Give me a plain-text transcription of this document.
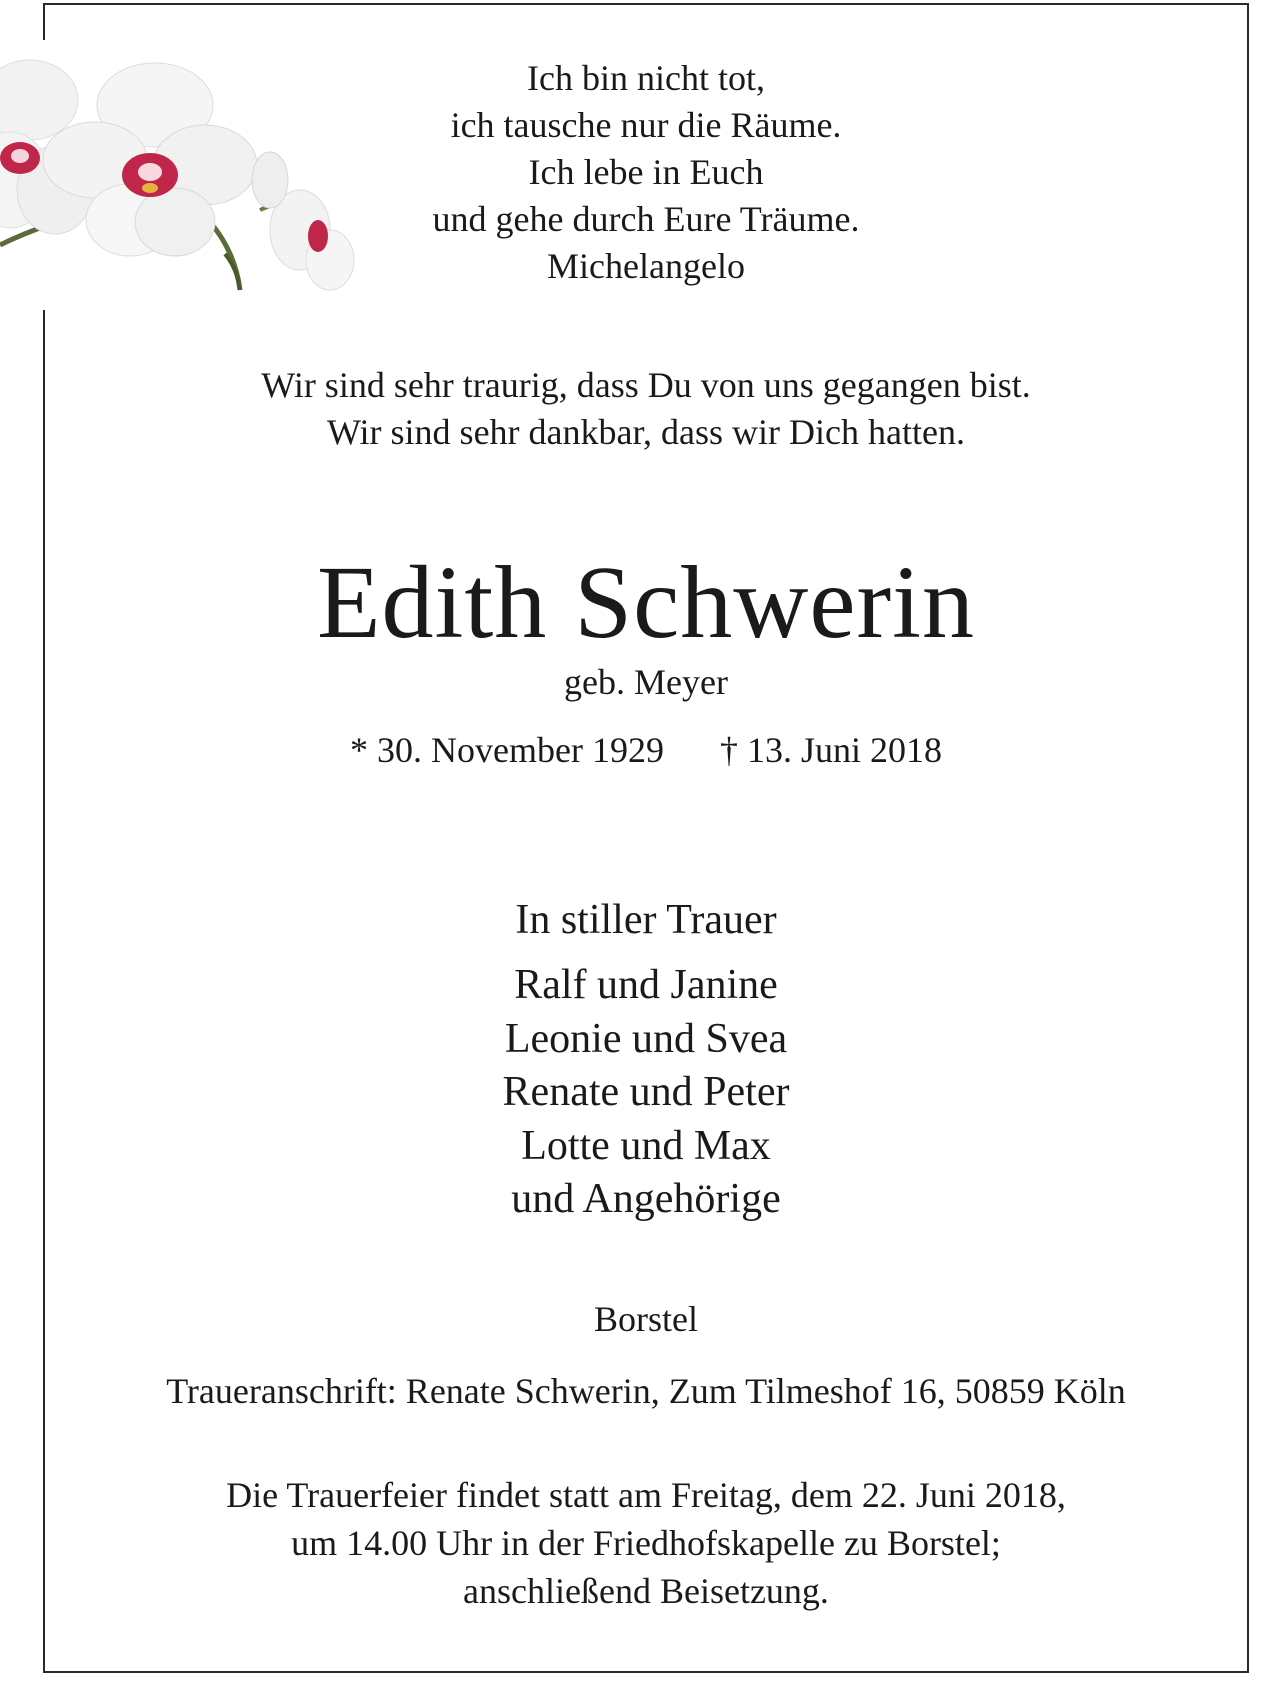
Ich bin nicht tot,
ich tausche nur die Räume.
Ich lebe in Euch
und gehe durch Eure Träume.
Michelangelo
Wir sind sehr traurig, dass Du von uns gegangen bist.
Wir sind sehr dankbar, dass wir Dich hatten.
Edith Schwerin
geb. Meyer
* 30. November 1929 † 13. Juni 2018
In stiller Trauer
Ralf und Janine
Leonie und Svea
Renate und Peter
Lotte und Max
und Angehörige
Borstel
Traueranschrift: Renate Schwerin, Zum Tilmeshof 16, 50859 Köln
Die Trauerfeier findet statt am Freitag, dem 22. Juni 2018,
um 14.00 Uhr in der Friedhofskapelle zu Borstel;
anschließend Beisetzung.
